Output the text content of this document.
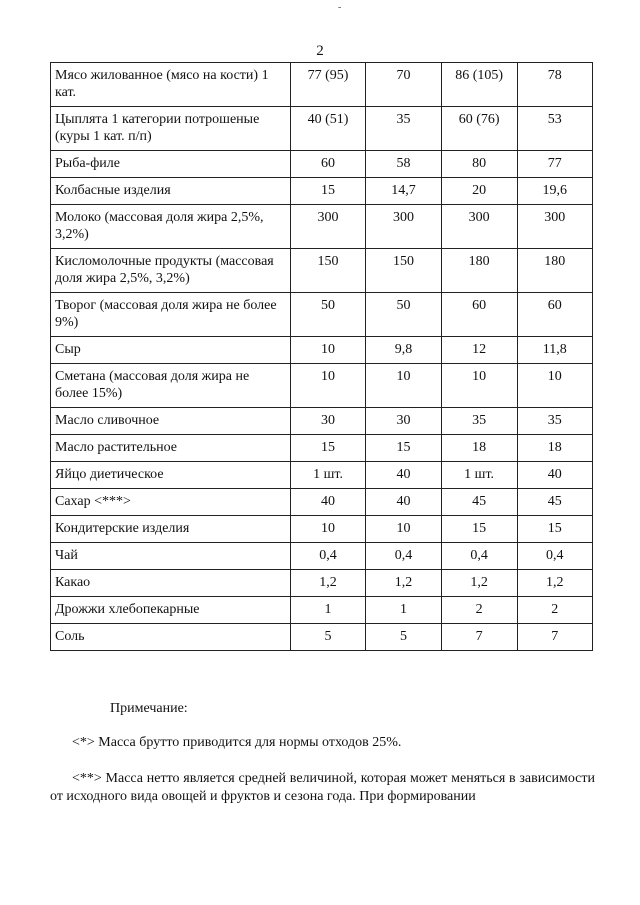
-
2
Мясо жилованное (мясо на кости) 1 кат.	77 (95)	70	86 (105)	78
Цыплята 1 категории потрошеные (куры 1 кат. п/п)	40 (51)	35	60 (76)	53
Рыба-филе	60	58	80	77
Колбасные изделия	15	14,7	20	19,6
Молоко (массовая доля жира 2,5%, 3,2%)	300	300	300	300
Кисломолочные продукты (массовая доля жира 2,5%, 3,2%)	150	150	180	180
Творог (массовая доля жира не более 9%)	50	50	60	60
Сыр	10	9,8	12	11,8
Сметана (массовая доля жира не более 15%)	10	10	10	10
Масло сливочное	30	30	35	35
Масло растительное	15	15	18	18
Яйцо диетическое	1 шт.	40	1 шт.	40
Сахар <***>	40	40	45	45
Кондитерские изделия	10	10	15	15
Чай	0,4	0,4	0,4	0,4
Какао	1,2	1,2	1,2	1,2
Дрожжи хлебопекарные	1	1	2	2
Соль	5	5	7	7
Примечание:
<*> Масса брутто приводится для нормы отходов 25%.
<**> Масса нетто является средней величиной, которая может меняться в зависимости от исходного вида овощей и фруктов и сезона года. При формировании
